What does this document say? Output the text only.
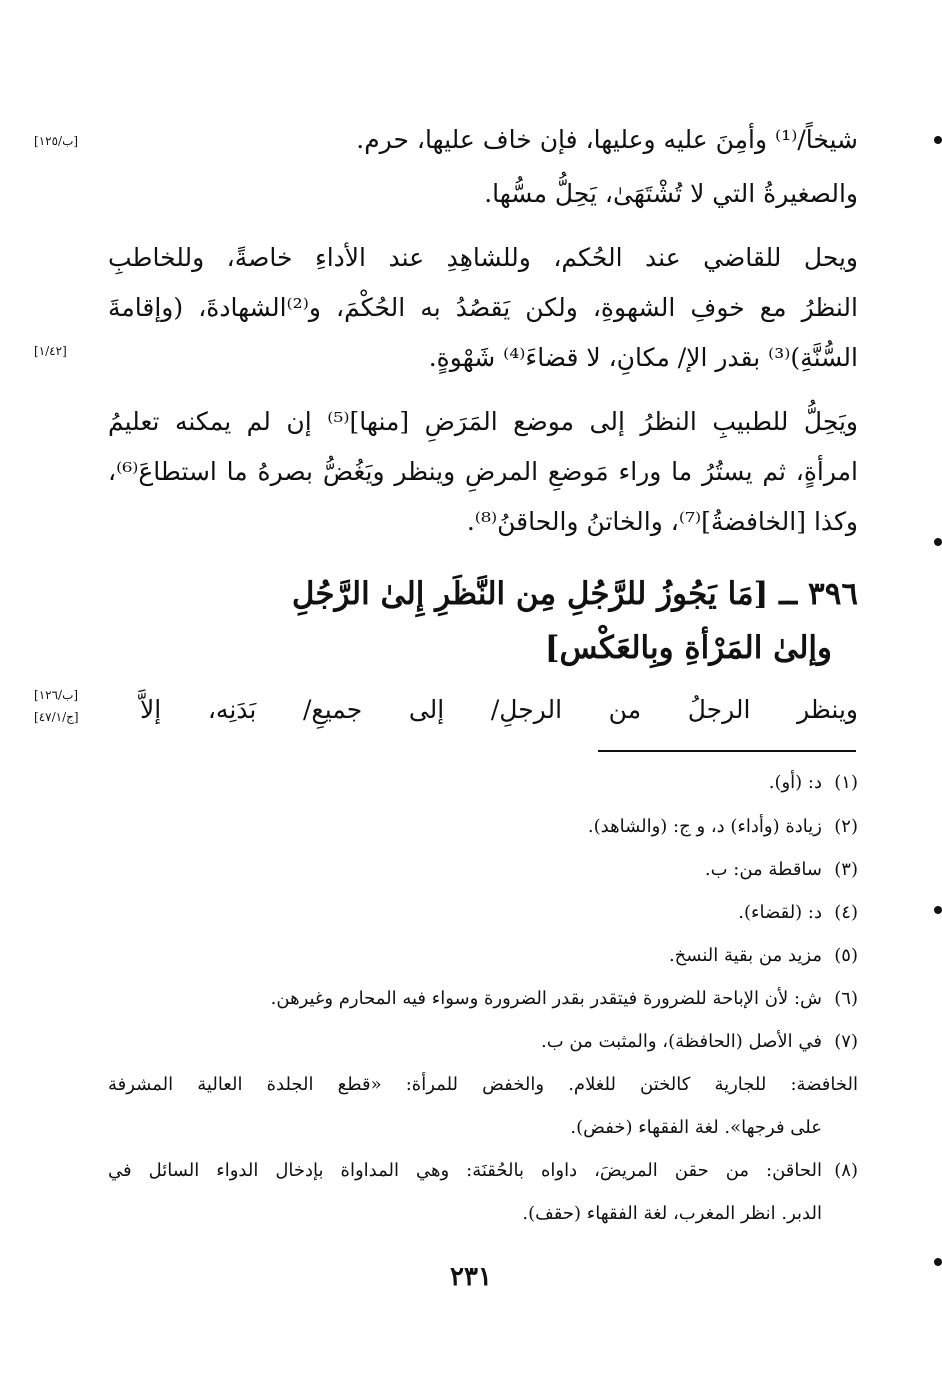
[ب/١٢٥]
[١/٤٢]
[ب/١٢٦]
[ج/٤٧/١]
شيخاً/⁽¹⁾ وأمِنَ عليه وعليها، فإن خاف عليها، حرم.
والصغيرةُ التي لا تُشْتَهَىٰ، يَحِلُّ مسُّها.
ويحل للقاضي عند الحُكم، وللشاهِدِ عند الأداءِ خاصةً، وللخاطبِ
النظرُ مع خوفِ الشهوةِ، ولكن يَقصُدُ به الحُكْمَ، و⁽²⁾الشهادةَ، (وإقامةَ
السُّنَّةِ)⁽³⁾ بقدر الإ/ مكانِ، لا قضاءَ⁽⁴⁾ شَهْوةٍ.
ويَحِلُّ للطبيبِ النظرُ إلى موضع المَرَضِ [منها]⁽⁵⁾ إن لم يمكنه تعليمُ
امرأةٍ، ثم يستُرُ ما وراء مَوضعِ المرضِ وينظر ويَغُضُّ بصرهُ ما استطاعَ⁽⁶⁾،
وكذا [الخافضةُ]⁽⁷⁾، والخاتنُ والحاقنُ⁽⁸⁾.
٣٩٦ ــ [مَا يَجُوزُ للرَّجُلِ مِن النَّظَرِ إِلىٰ الرَّجُلِ
وإلىٰ المَرْأةِ وبِالعَكْس]
وينظر الرجلُ من الرجلِ/ إلى جميعِ/ بَدَنِه، إلاَّ
(١)د: (أو).
(٢)زيادة (وأداء) د، و ج: (والشاهد).
(٣)ساقطة من: ب.
(٤)د: (لقضاء).
(٥)مزيد من بقية النسخ.
(٦)ش: لأن الإباحة للضرورة فيتقدر بقدر الضرورة وسواء فيه المحارم وغيرهن.
(٧)في الأصل (الحافظة)، والمثبت من ب.
الخافضة: للجارية كالختن للغلام. والخفض للمرأة: «قطع الجلدة العالية المشرفة
على فرجها». لغة الفقهاء (خفض).
(٨)الحاقن: من حقن المريضَ، داواه بالحُقنَة: وهي المداواة بإدخال الدواء السائل في
الدبر. انظر المغرب، لغة الفقهاء (حقف).
٢٣١
